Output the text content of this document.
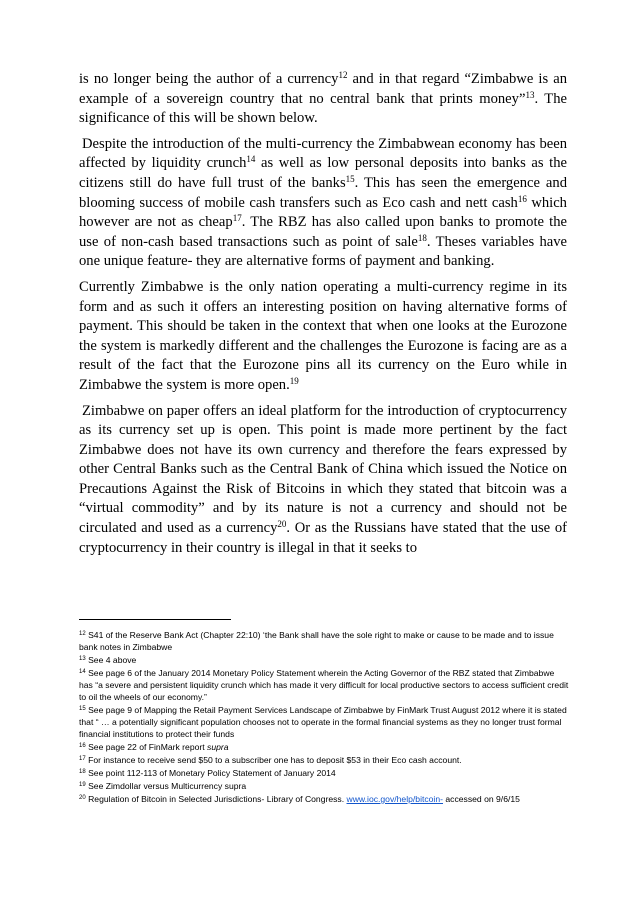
is no longer being the author of a currency$^{12}$ and in that regard “Zimbabwe is an example of a sovereign country that no central bank that prints money”$^{13}$. The significance of this will be shown below.

Despite the introduction of the multi-currency the Zimbabwean economy has been affected by liquidity crunch$^{14}$ as well as low personal deposits into banks as the citizens still do have full trust of the banks$^{15}$. This has seen the emergence and blooming success of mobile cash transfers such as Eco cash and nett cash$^{16}$ which however are not as cheap$^{17}$. The RBZ has also called upon banks to promote the use of non-cash based transactions such as point of sale$^{18}$. Theses variables have one unique feature- they are alternative forms of payment and banking.

Currently Zimbabwe is the only nation operating a multi-currency regime in its form and as such it offers an interesting position on having alternative forms of payment. This should be taken in the context that when one looks at the Eurozone the system is markedly different and the challenges the Eurozone is facing are as a result of the fact that the Eurozone pins all its currency on the Euro while in Zimbabwe the system is more open.$^{19}$

Zimbabwe on paper offers an ideal platform for the introduction of cryptocurrency as its currency set up is open. This point is made more pertinent by the fact Zimbabwe does not have its own currency and therefore the fears expressed by other Central Banks such as the Central Bank of China which issued the Notice on Precautions Against the Risk of Bitcoins in which they stated that bitcoin was a “virtual commodity” and by its nature is not a currency and should not be circulated and used as a currency$^{20}$. Or as the Russians have stated that the use of cryptocurrency in their country is illegal in that it seeks to

$^{12}$ S41 of the Reserve Bank Act (Chapter 22:10) ‘the Bank shall have the sole right to make or cause to be made and to issue bank notes in Zimbabwe
$^{13}$ See 4 above
$^{14}$ See page 6 of the January 2014 Monetary Policy Statement wherein the Acting Governor of the RBZ stated that Zimbabwe has “a severe and persistent liquidity crunch which has made it very difficult for local productive sectors to access sufficient credit to oil the wheels of our economy.”
$^{15}$ See page 9 of Mapping the Retail Payment Services Landscape of Zimbabwe by FinMark Trust August 2012 where it is stated that “ … a potentially significant population chooses not to operate in the formal financial systems as they no longer trust formal financial institutions to protect their funds
$^{16}$ See page 22 of FinMark report supra
$^{17}$ For instance to receive send $50 to a subscriber one has to deposit $53 in their Eco cash account.
$^{18}$ See point 112-113 of Monetary Policy Statement of January 2014
$^{19}$ See Zimdollar versus Multicurrency supra
$^{20}$ Regulation of Bitcoin in Selected Jurisdictions- Library of Congress. www.ioc.gov/help/bitcoin- accessed on 9/6/15
